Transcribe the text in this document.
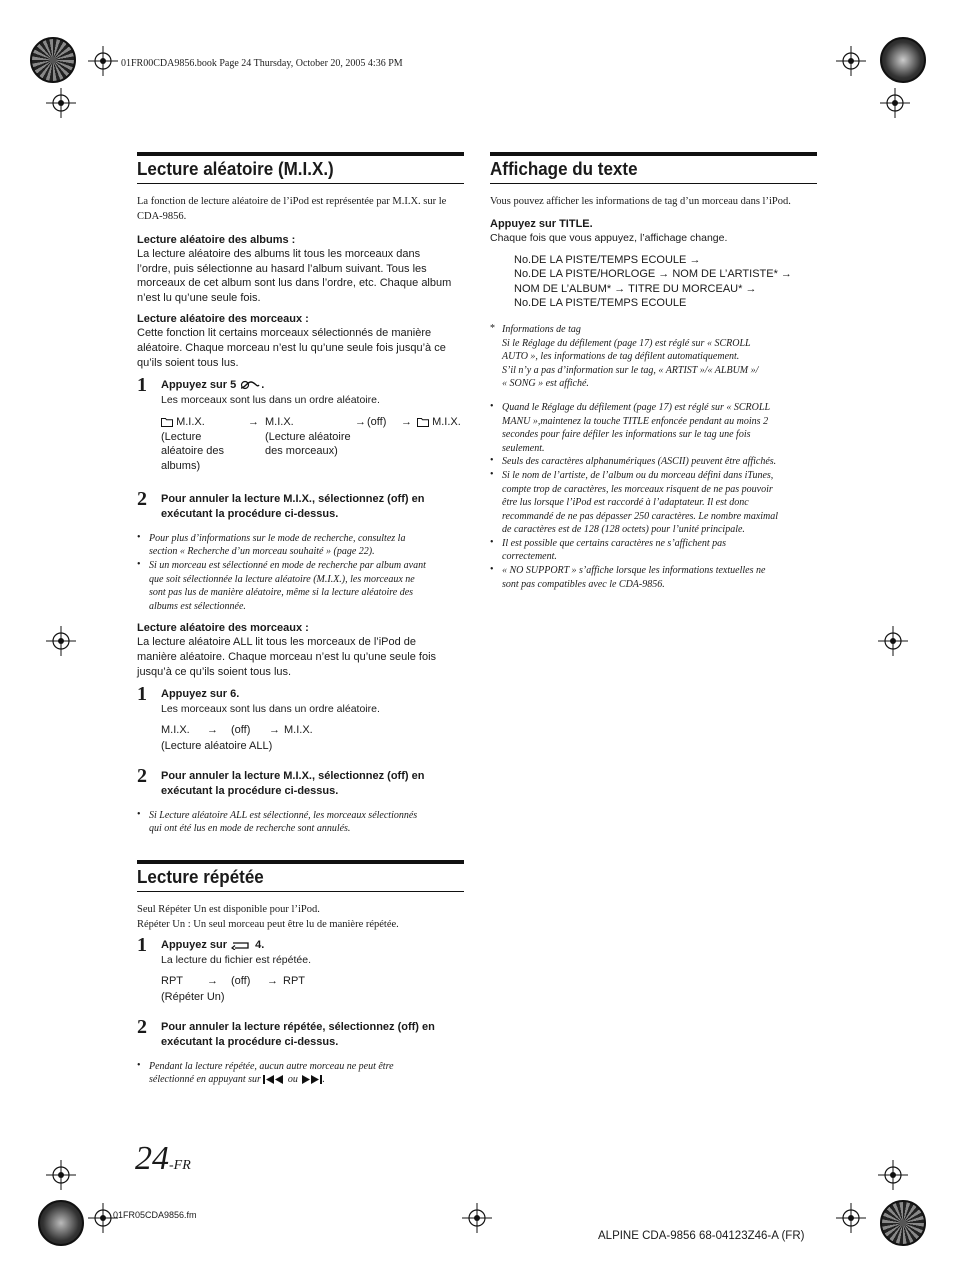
01FR00CDA9856.book Page 24 Thursday, October 20, 2005 4:36 PM
Lecture aléatoire (M.I.X.)
La fonction de lecture aléatoire de l’iPod est représentée par M.I.X. sur le CDA-9856.
Lecture aléatoire des albums :
La lecture aléatoire des albums lit tous les morceaux dans
l’ordre, puis sélectionne au hasard l’album suivant. Tous les
morceaux de cet album sont lus dans l’ordre, etc. Chaque album
n’est lu qu’une seule fois.
Lecture aléatoire des morceaux :
Cette fonction lit certains morceaux sélectionnés de manière
aléatoire. Chaque morceau n’est lu qu’une seule fois jusqu’à ce
qu’ils soient tous lus.
1 Appuyez sur 5 .
Les morceaux sont lus dans un ordre aléatoire.
M.I.X.
(Lecture
aléatoire des
albums)
→ M.I.X.
(Lecture aléatoire
des morceaux)
→ (off) →	M.I.X.
2 Pour annuler la lecture M.I.X., sélectionnez (off) en
exécutant la procédure ci-dessus.
• Pour plus d’informations sur le mode de recherche, consultez la
section « Recherche d’un morceau souhaité » (page 22).
• Si un morceau est sélectionné en mode de recherche par album avant
que soit sélectionnée la lecture aléatoire (M.I.X.), les morceaux ne
sont pas lus de manière aléatoire, même si la lecture aléatoire des
albums est sélectionnée.
Lecture aléatoire des morceaux :
La lecture aléatoire ALL lit tous les morceaux de l’iPod de
manière aléatoire. Chaque morceau n’est lu qu’une seule fois
jusqu’à ce qu’ils soient tous lus.
1 Appuyez sur 6.
Les morceaux sont lus dans un ordre aléatoire.
M.I.X. → (off) → M.I.X.
(Lecture aléatoire ALL)
2 Pour annuler la lecture M.I.X., sélectionnez (off) en
exécutant la procédure ci-dessus.
• Si Lecture aléatoire ALL est sélectionné, les morceaux sélectionnés
qui ont été lus en mode de recherche sont annulés.
Lecture répétée
Seul Répéter Un est disponible pour l’iPod.
Répéter Un : Un seul morceau peut être lu de manière répétée.
1 Appuyez sur  4.
La lecture du fichier est répétée.
RPT → (off) → RPT
(Répéter Un)
2 Pour annuler la lecture répétée, sélectionnez (off) en
exécutant la procédure ci-dessus.
• Pendant la lecture répétée, aucun autre morceau ne peut être
sélectionné en appuyant sur  ou .
Affichage du texte
Vous pouvez afficher les informations de tag d’un morceau dans l’iPod.
Appuyez sur TITLE.
Chaque fois que vous appuyez, l’affichage change.
No.DE LA PISTE/TEMPS ECOULE →
No.DE LA PISTE/HORLOGE → NOM DE L’ARTISTE* →
NOM DE L’ALBUM* → TITRE DU MORCEAU* →
No.DE LA PISTE/TEMPS ECOULE
* Informations de tag
Si le Réglage du défilement (page 17) est réglé sur « SCROLL
AUTO », les informations de tag défilent automatiquement.
S’il n’y a pas d’information sur le tag, « ARTIST »/« ALBUM »/
« SONG » est affiché.
• Quand le Réglage du défilement (page 17) est réglé sur « SCROLL
MANU »,maintenez la touche TITLE enfoncée pendant au moins 2
secondes pour faire défiler les informations sur le tag une fois
seulement.
• Seuls des caractères alphanumériques (ASCII) peuvent être affichés.
• Si le nom de l’artiste, de l’album ou du morceau défini dans iTunes,
compte trop de caractères, les morceaux risquent de ne pas pouvoir
être lus lorsque l’iPod est raccordé à l’adaptateur. Il est donc
recommandé de ne pas dépasser 250 caractères. Le nombre maximal
de caractères est de 128 (128 octets) pour l’unité principale.
• Il est possible que certains caractères ne s’affichent pas
correctement.
• « NO SUPPORT » s’affiche lorsque les informations textuelles ne
sont pas compatibles avec le CDA-9856.
24-FR
01FR05CDA9856.fm
ALPINE CDA-9856 68-04123Z46-A (FR)
